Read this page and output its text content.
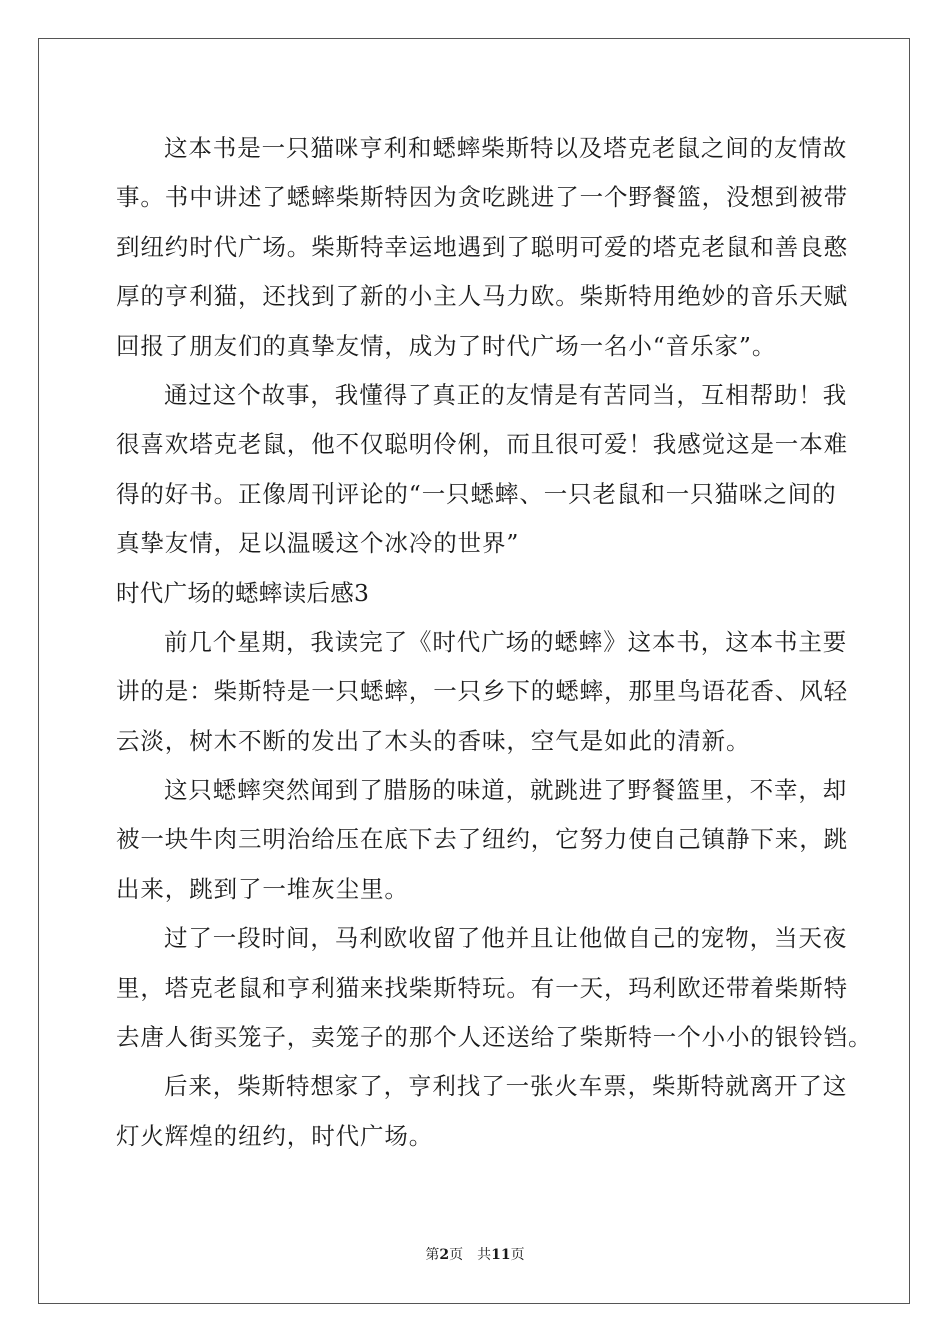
这本书是一只猫咪亨利和蟋蟀柴斯特以及塔克老鼠之间的友情故
事。书中讲述了蟋蟀柴斯特因为贪吃跳进了一个野餐篮，没想到被带
到纽约时代广场。柴斯特幸运地遇到了聪明可爱的塔克老鼠和善良憨
厚的亨利猫，还找到了新的小主人马力欧。柴斯特用绝妙的音乐天赋
回报了朋友们的真挚友情，成为了时代广场一名小“音乐家”。
通过这个故事，我懂得了真正的友情是有苦同当，互相帮助！我
很喜欢塔克老鼠，他不仅聪明伶俐，而且很可爱！我感觉这是一本难
得的好书。正像周刊评论的“一只蟋蟀、一只老鼠和一只猫咪之间的
真挚友情，足以温暖这个冰冷的世界”
时代广场的蟋蟀读后感3
前几个星期，我读完了《时代广场的蟋蟀》这本书，这本书主要
讲的是：柴斯特是一只蟋蟀，一只乡下的蟋蟀，那里鸟语花香、风轻
云淡，树木不断的发出了木头的香味，空气是如此的清新。
这只蟋蟀突然闻到了腊肠的味道，就跳进了野餐篮里，不幸，却
被一块牛肉三明治给压在底下去了纽约，它努力使自己镇静下来，跳
出来，跳到了一堆灰尘里。
过了一段时间，马利欧收留了他并且让他做自己的宠物，当天夜
里，塔克老鼠和亨利猫来找柴斯特玩。有一天，玛利欧还带着柴斯特
去唐人街买笼子，卖笼子的那个人还送给了柴斯特一个小小的银铃铛。
后来，柴斯特想家了，亨利找了一张火车票，柴斯特就离开了这
灯火辉煌的纽约，时代广场。
第2页 共11页
